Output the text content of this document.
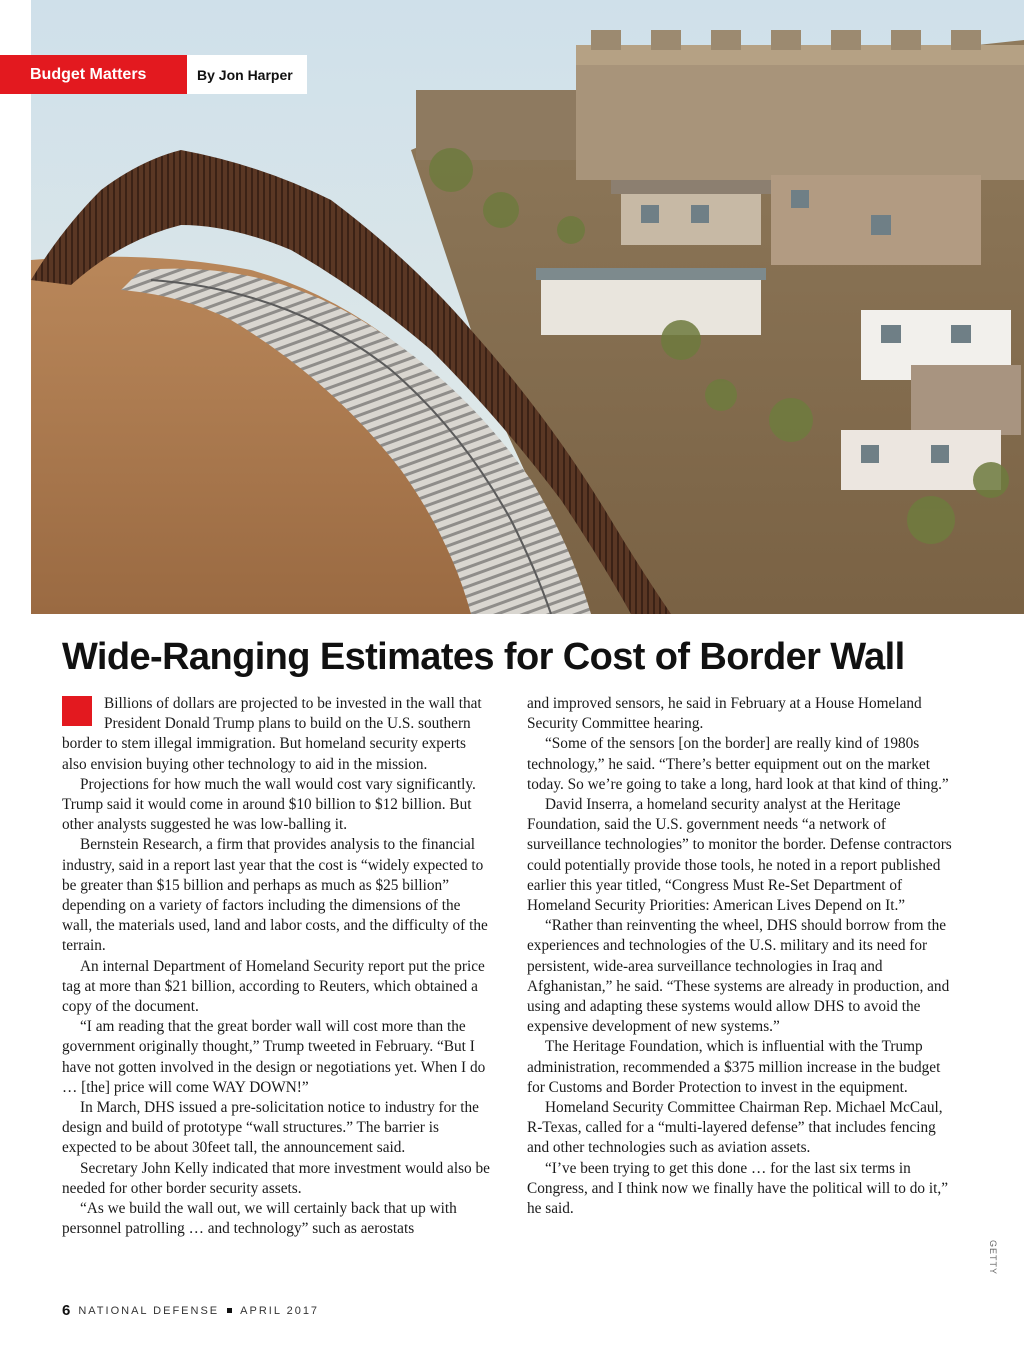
GETTY
Budget Matters	By Jon Harper
Wide-Ranging Estimates for Cost of Border Wall

Billions of dollars are projected to be invested in the wall that President Donald Trump plans to build on the U.S. southern border to stem illegal immigration. But homeland security experts also envision buying other technology to aid in the mission.

Projections for how much the wall would cost vary significantly. Trump said it would come in around $10 billion to $12 billion. But other analysts suggested he was low-balling it.

Bernstein Research, a firm that provides analysis to the financial industry, said in a report last year that the cost is “widely expected to be greater than $15 billion and perhaps as much as $25 billion” depending on a variety of factors including the dimensions of the wall, the materials used, land and labor costs, and the difficulty of the terrain.

An internal Department of Homeland Security report put the price tag at more than $21 billion, according to Reuters, which obtained a copy of the document.

“I am reading that the great border wall will cost more than the government originally thought,” Trump tweeted in February. “But I have not gotten involved in the design or negotiations yet. When I do … [the] price will come WAY DOWN!”

In March, DHS issued a pre-solicitation notice to industry for the design and build of prototype “wall structures.” The barrier is expected to be about 30feet tall, the announcement said.

Secretary John Kelly indicated that more investment would also be needed for other border security assets.

“As we build the wall out, we will certainly back that up with personnel patrolling … and technology” such as aerostats

and improved sensors, he said in February at a House Homeland Security Committee hearing.

“Some of the sensors [on the border] are really kind of 1980s technology,” he said. “There’s better equipment out on the market today. So we’re going to take a long, hard look at that kind of thing.”

David Inserra, a homeland security analyst at the Heritage Foundation, said the U.S. government needs “a network of surveillance technologies” to monitor the border. Defense contractors could potentially provide those tools, he noted in a report published earlier this year titled, “Congress Must Re-Set Department of Homeland Security Priorities: American Lives Depend on It.”

“Rather than reinventing the wheel, DHS should borrow from the experiences and technologies of the U.S. military and its need for persistent, wide-area surveillance technologies in Iraq and Afghanistan,” he said. “These systems are already in production, and using and adapting these systems would allow DHS to avoid the expensive development of new systems.”

The Heritage Foundation, which is influential with the Trump administration, recommended a $375 million increase in the budget for Customs and Border Protection to invest in the equipment.

Homeland Security Committee Chairman Rep. Michael McCaul, R-Texas, called for a “multi-layered defense” that includes fencing and other technologies such as aviation assets.

“I’ve been trying to get this done … for the last six terms in Congress, and I think now we finally have the political will to do it,” he said.

6 NATIONAL DEFENSE APRIL 2017
